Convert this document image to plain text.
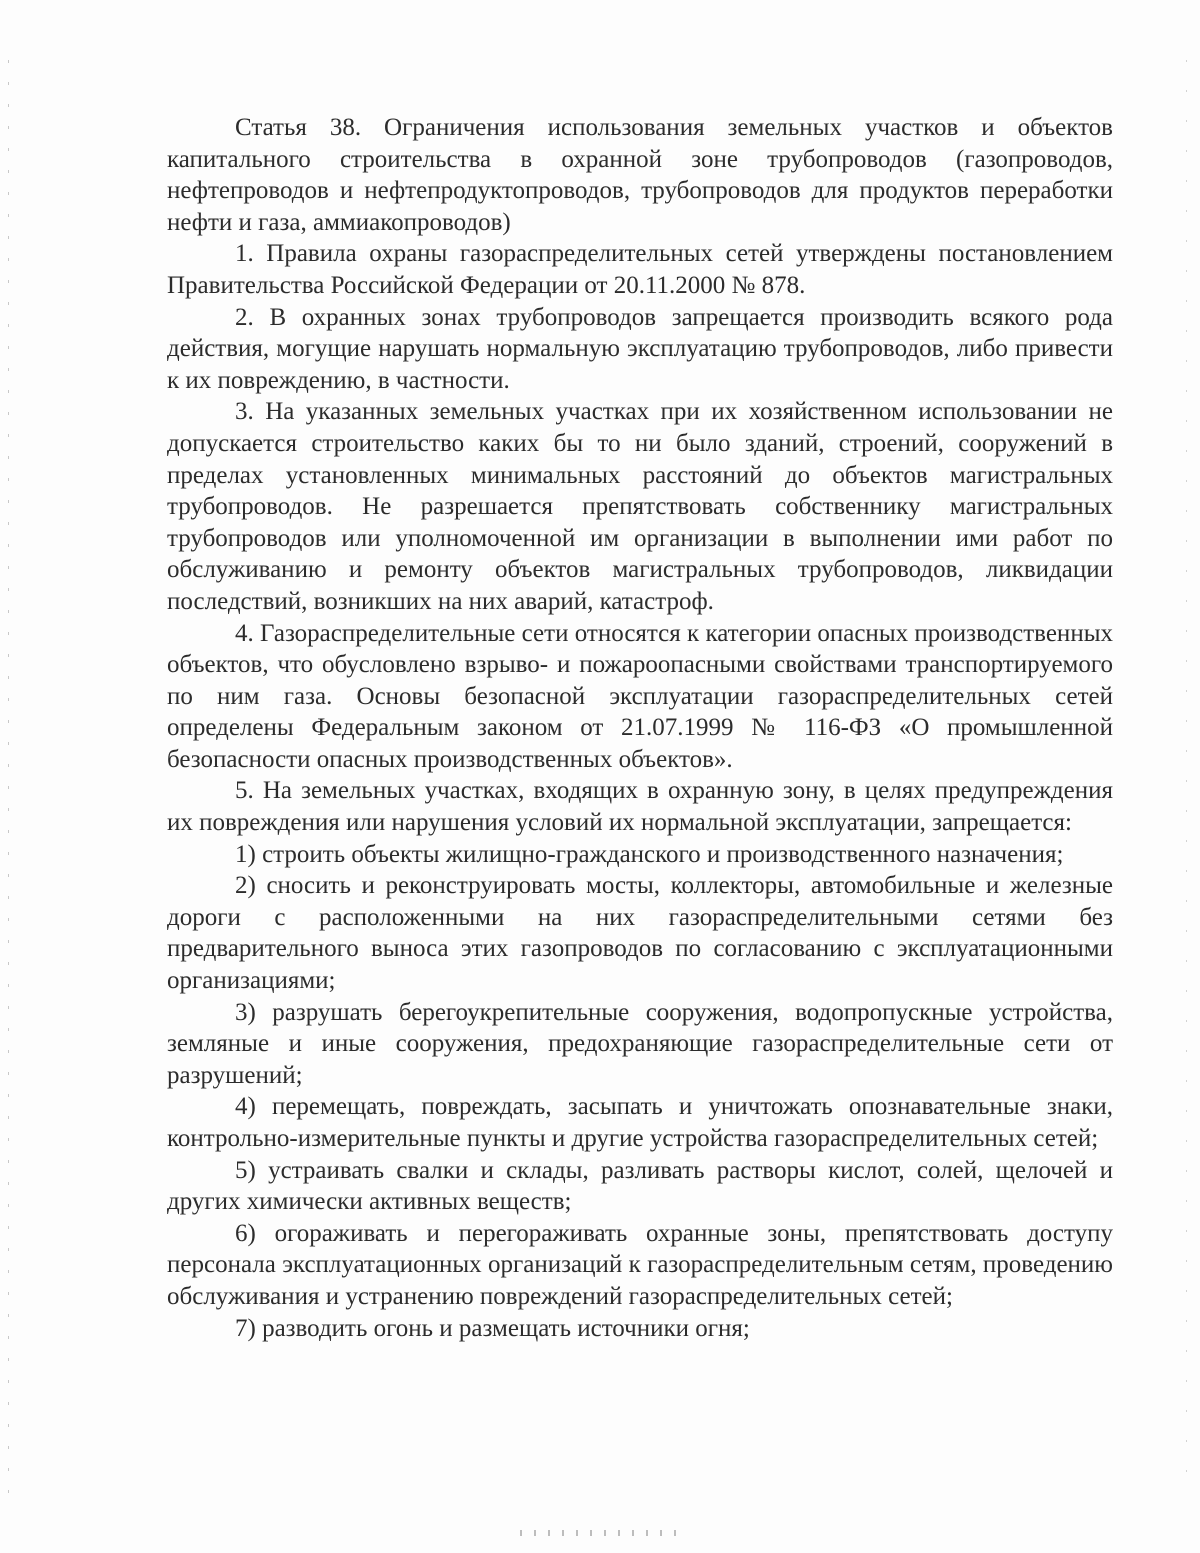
Статья 38. Ограничения использования земельных участков и объектов капитального строительства в охранной зоне трубопроводов (газопроводов, нефтепроводов и нефтепродуктопроводов, трубопроводов для продуктов переработки нефти и газа, аммиакопроводов)

1. Правила охраны газораспределительных сетей утверждены постановлением Правительства Российской Федерации от 20.11.2000 № 878.

2. В охранных зонах трубопроводов запрещается производить всякого рода действия, могущие нарушать нормальную эксплуатацию трубопроводов, либо привести к их повреждению, в частности.

3. На указанных земельных участках при их хозяйственном использовании не допускается строительство каких бы то ни было зданий, строений, сооружений в пределах установленных минимальных расстояний до объектов магистральных трубопроводов. Не разрешается препятствовать собственнику магистральных трубопроводов или уполномоченной им организации в выполнении ими работ по обслуживанию и ремонту объектов магистральных трубопроводов, ликвидации последствий, возникших на них аварий, катастроф.

4. Газораспределительные сети относятся к категории опасных производственных объектов, что обусловлено взрыво- и пожароопасными свойствами транспортируемого по ним газа. Основы безопасной эксплуатации газораспределительных сетей определены Федеральным законом от 21.07.1999 № 116-ФЗ «О промышленной безопасности опасных производственных объектов».

5. На земельных участках, входящих в охранную зону, в целях предупреждения их повреждения или нарушения условий их нормальной эксплуатации, запрещается:

1) строить объекты жилищно-гражданского и производственного назначения;

2) сносить и реконструировать мосты, коллекторы, автомобильные и железные дороги с расположенными на них газораспределительными сетями без предварительного выноса этих газопроводов по согласованию с эксплуатационными организациями;

3) разрушать берегоукрепительные сооружения, водопропускные устройства, земляные и иные сооружения, предохраняющие газораспределительные сети от разрушений;

4) перемещать, повреждать, засыпать и уничтожать опознавательные знаки, контрольно-измерительные пункты и другие устройства газораспределительных сетей;

5) устраивать свалки и склады, разливать растворы кислот, солей, щелочей и других химически активных веществ;

6) огораживать и перегораживать охранные зоны, препятствовать доступу персонала эксплуатационных организаций к газораспределительным сетям, проведению обслуживания и устранению повреждений газораспределительных сетей;

7) разводить огонь и размещать источники огня;
